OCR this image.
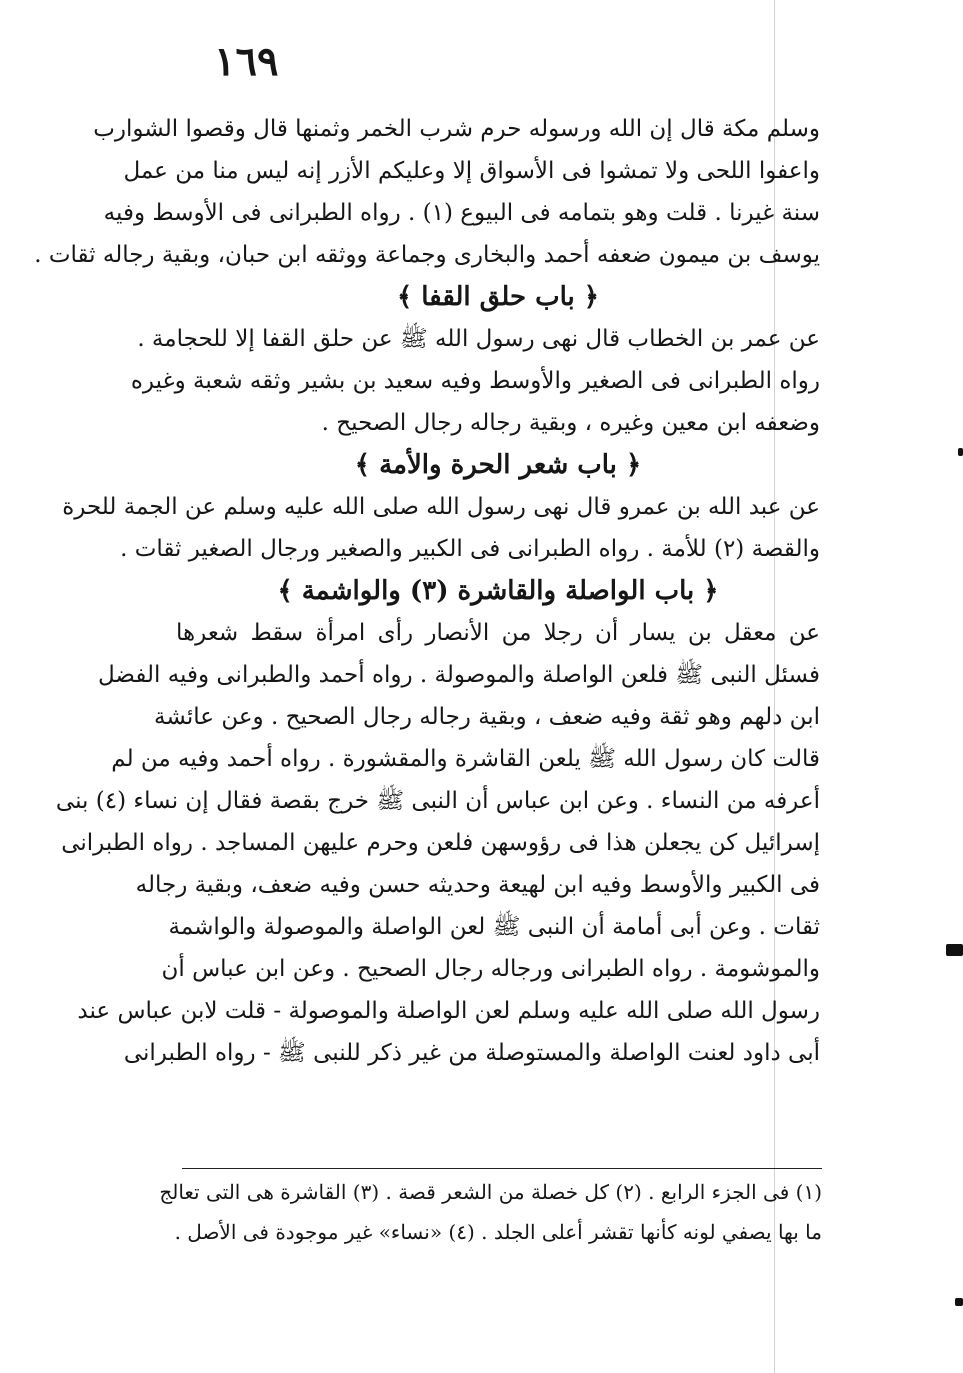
١٦٩
وسلم مكة قال إن الله ورسوله حرم شرب الخمر وثمنها قال وقصوا الشوارب
واعفوا اللحى ولا تمشوا فى الأسواق إلا وعليكم الأزر إنه ليس منا من عمل
سنة غيرنا . قلت وهو بتمامه فى البيوع (١) . رواه الطبرانى فى الأوسط وفيه
يوسف بن ميمون ضعفه أحمد والبخارى وجماعة ووثقه ابن حبان، وبقية رجاله ثقات .
﴿ باب حلق القفا ﴾
عن عمر بن الخطاب قال نهى رسول الله ﷺ عن حلق القفا إلا للحجامة .
رواه الطبرانى فى الصغير والأوسط وفيه سعيد بن بشير وثقه شعبة وغيره
وضعفه ابن معين وغيره ، وبقية رجاله رجال الصحيح .
﴿ باب شعر الحرة والأمة ﴾
عن عبد الله بن عمرو قال نهى رسول الله صلى الله عليه وسلم عن الجمة للحرة
والقصة (٢) للأمة . رواه الطبرانى فى الكبير والصغير ورجال الصغير ثقات .
﴿ باب الواصلة والقاشرة (٣) والواشمة ﴾
عن معقل بن يسار أن رجلا من الأنصار رأى امرأة سقط شعرها
فسئل النبى ﷺ فلعن الواصلة والموصولة . رواه أحمد والطبرانى وفيه الفضل
ابن دلهم وهو ثقة وفيه ضعف ، وبقية رجاله رجال الصحيح . وعن عائشة
قالت كان رسول الله ﷺ يلعن القاشرة والمقشورة . رواه أحمد وفيه من لم
أعرفه من النساء . وعن ابن عباس أن النبى ﷺ خرج بقصة فقال إن نساء (٤) بنى
إسرائيل كن يجعلن هذا فى رؤوسهن فلعن وحرم عليهن المساجد . رواه الطبرانى
فى الكبير والأوسط وفيه ابن لهيعة وحديثه حسن وفيه ضعف، وبقية رجاله
ثقات . وعن أبى أمامة أن النبى ﷺ لعن الواصلة والموصولة والواشمة
والموشومة . رواه الطبرانى ورجاله رجال الصحيح . وعن ابن عباس أن
رسول الله صلى الله عليه وسلم لعن الواصلة والموصولة - قلت لابن عباس عند
أبى داود لعنت الواصلة والمستوصلة من غير ذكر للنبى ﷺ - رواه الطبرانى
(١) فى الجزء الرابع . (٢) كل خصلة من الشعر قصة . (٣) القاشرة هى التى تعالج
ما بها يصفي لونه كأنها تقشر أعلى الجلد . (٤) «نساء» غير موجودة فى الأصل .
